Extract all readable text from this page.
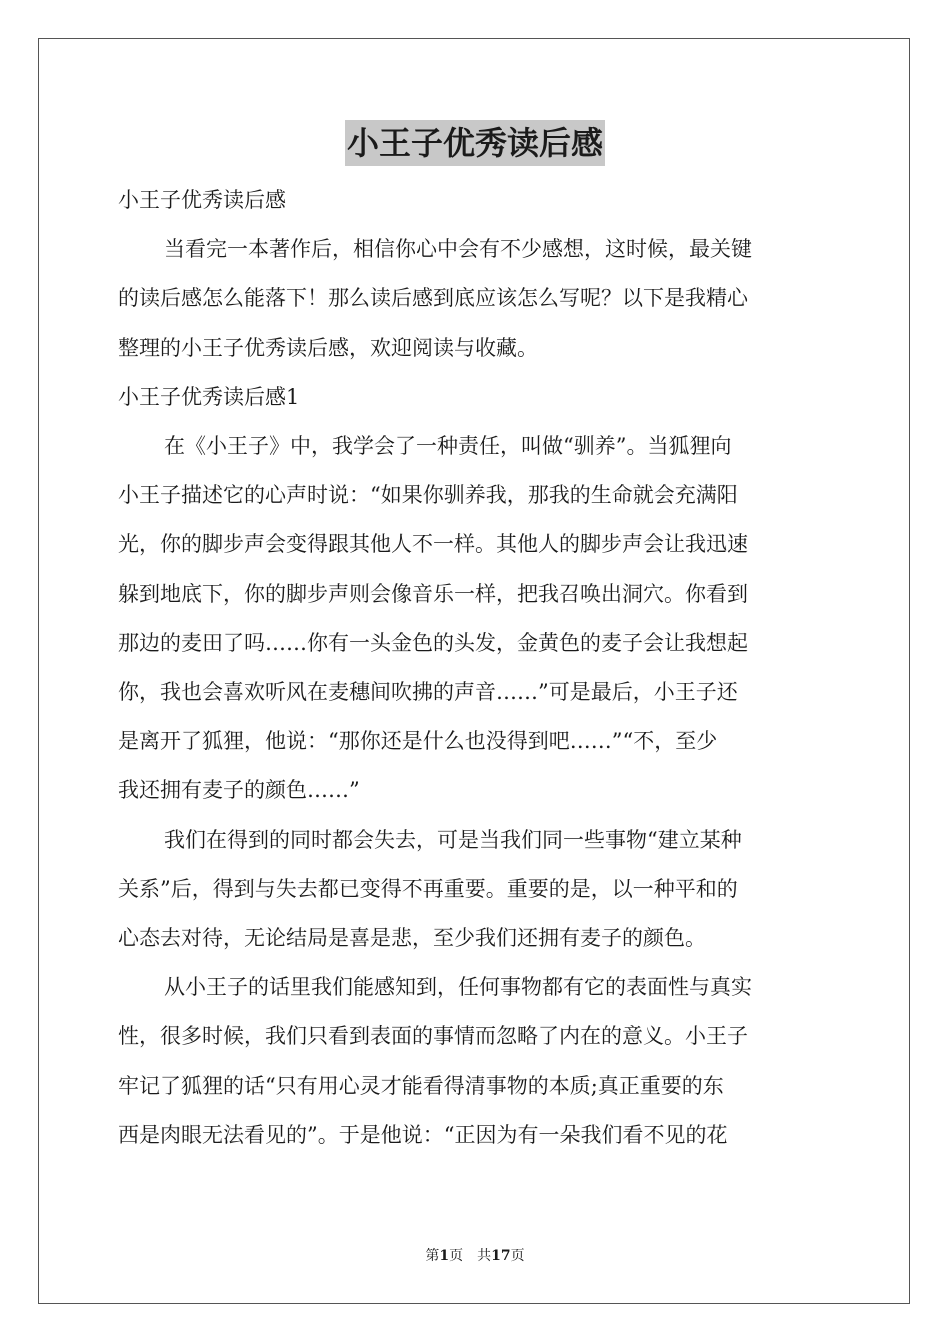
小王子优秀读后感

小王子优秀读后感

当看完一本著作后，相信你心中会有不少感想，这时候，最关键

的读后感怎么能落下！那么读后感到底应该怎么写呢？以下是我精心

整理的小王子优秀读后感，欢迎阅读与收藏。

小王子优秀读后感1

在《小王子》中，我学会了一种责任，叫做“驯养”。当狐狸向

小王子描述它的心声时说：“如果你驯养我，那我的生命就会充满阳

光，你的脚步声会变得跟其他人不一样。其他人的脚步声会让我迅速

躲到地底下，你的脚步声则会像音乐一样，把我召唤出洞穴。你看到

那边的麦田了吗……你有一头金色的头发，金黄色的麦子会让我想起

你，我也会喜欢听风在麦穗间吹拂的声音……”可是最后，小王子还

是离开了狐狸，他说：“那你还是什么也没得到吧……”“不，至少

我还拥有麦子的颜色……”

我们在得到的同时都会失去，可是当我们同一些事物“建立某种

关系”后，得到与失去都已变得不再重要。重要的是，以一种平和的

心态去对待，无论结局是喜是悲，至少我们还拥有麦子的颜色。

从小王子的话里我们能感知到，任何事物都有它的表面性与真实

性，很多时候，我们只看到表面的事情而忽略了内在的意义。小王子

牢记了狐狸的话“只有用心灵才能看得清事物的本质;真正重要的东

西是肉眼无法看见的”。于是他说：“正因为有一朵我们看不见的花

第1页 共17页
